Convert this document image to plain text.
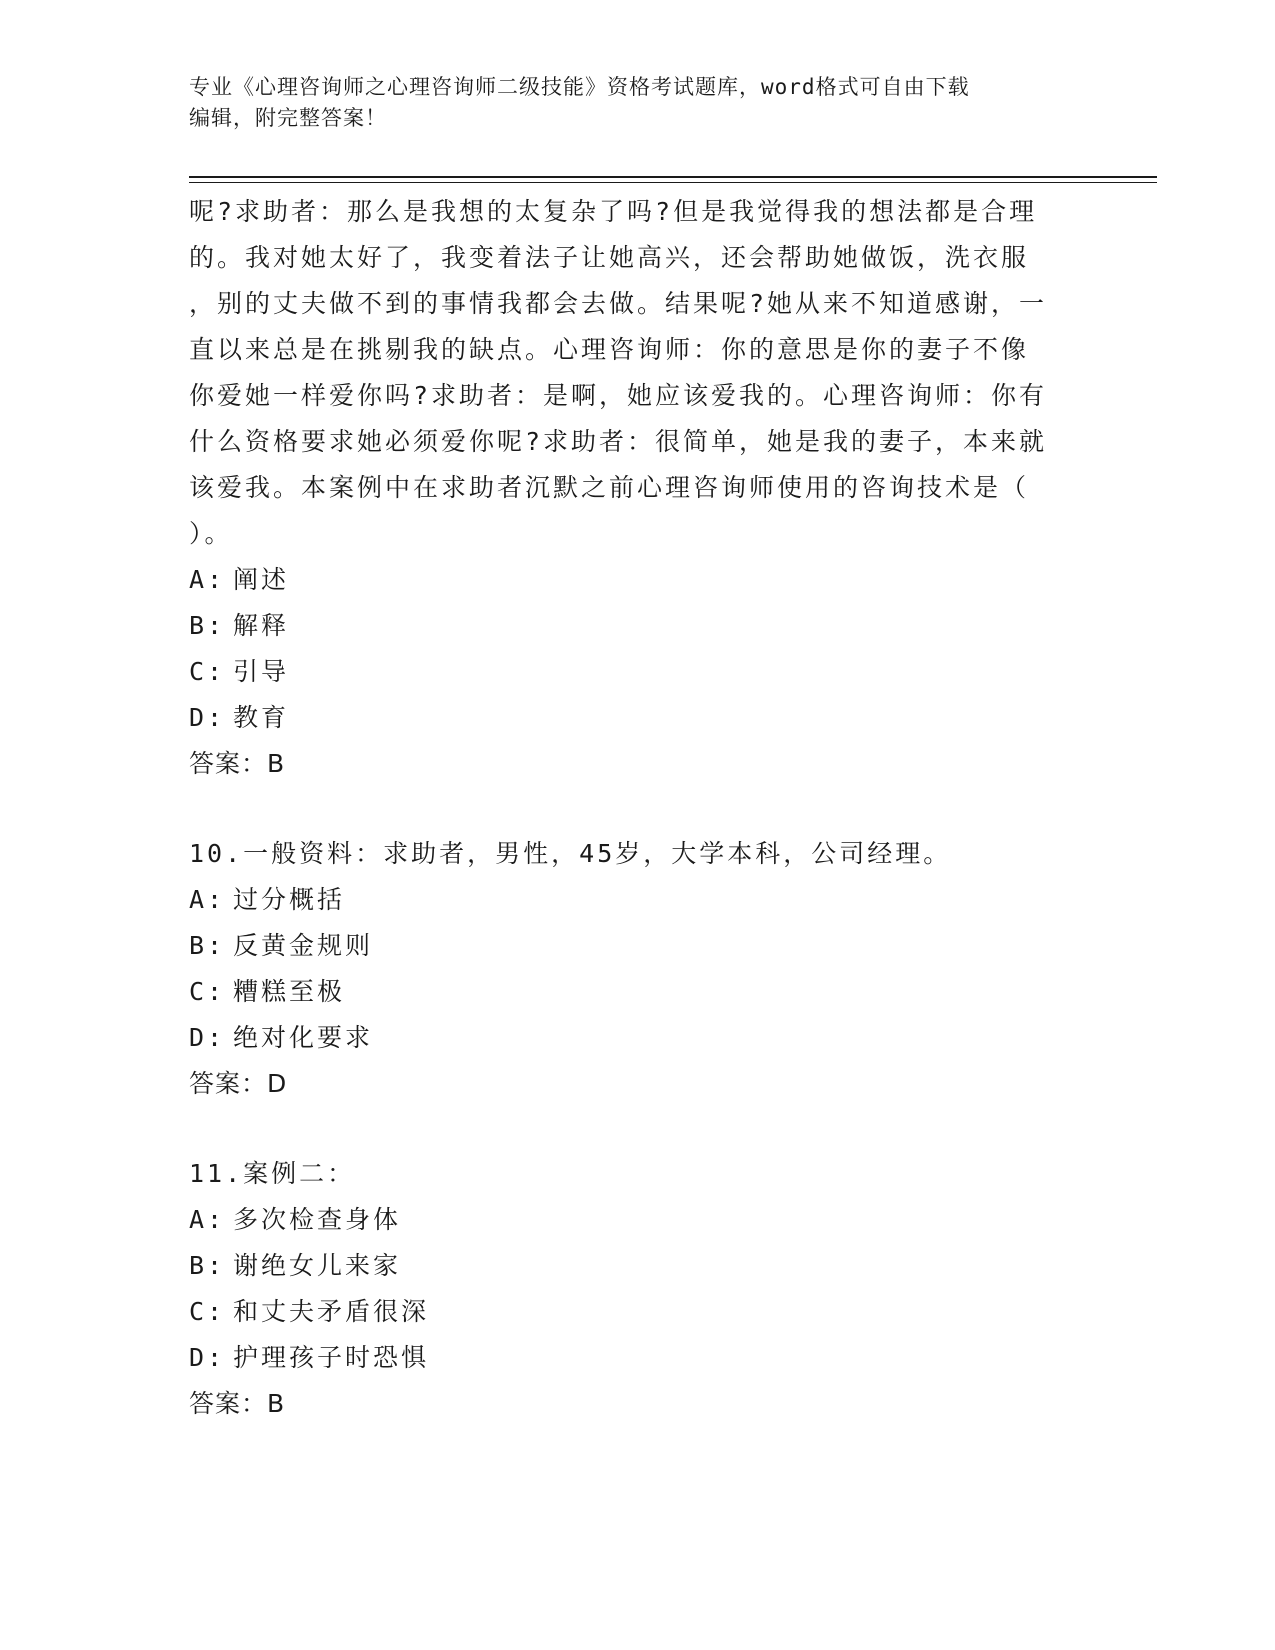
专业《心理咨询师之心理咨询师二级技能》资格考试题库，word格式可自由下载
编辑，附完整答案！

呢?求助者：那么是我想的太复杂了吗?但是我觉得我的想法都是合理

的。我对她太好了，我变着法子让她高兴，还会帮助她做饭，洗衣服

，别的丈夫做不到的事情我都会去做。结果呢?她从来不知道感谢，一

直以来总是在挑剔我的缺点。心理咨询师：你的意思是你的妻子不像

你爱她一样爱你吗?求助者：是啊，她应该爱我的。心理咨询师：你有

什么资格要求她必须爱你呢?求助者：很简单，她是我的妻子，本来就

该爱我。本案例中在求助者沉默之前心理咨询师使用的咨询技术是（

）。

A: 阐述

B: 解释

C: 引导

D: 教育

答案：B

10.一般资料：求助者，男性，45岁，大学本科，公司经理。

A: 过分概括

B: 反黄金规则

C: 糟糕至极

D: 绝对化要求

答案：D

11.案例二：

A: 多次检查身体

B: 谢绝女儿来家

C: 和丈夫矛盾很深

D: 护理孩子时恐惧

答案：B
